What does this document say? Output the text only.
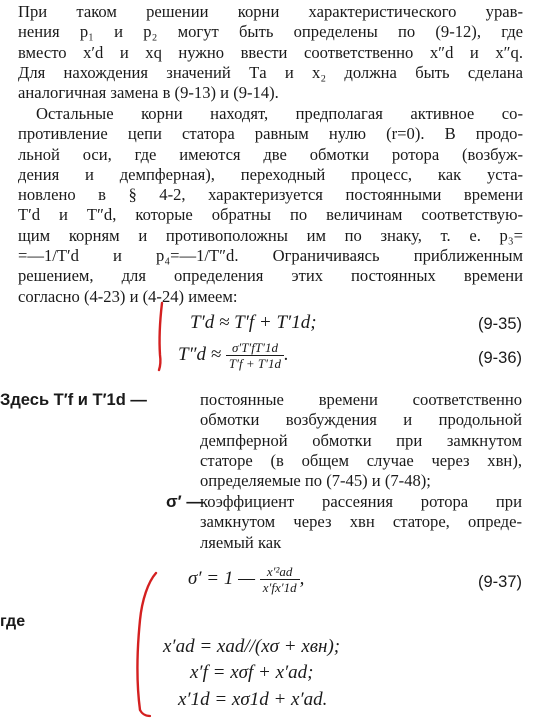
При таком решении корни характеристического урав-
нения p₁ и p₂ могут быть определены по (9-12), где
вместо x′d и xq нужно ввести соответственно x″d и x″q.
Для нахождения значений Tа и x₂ должна быть сделана
аналогичная замена в (9-13) и (9-14).
Остальные корни находят, предполагая активное со-
противление цепи статора равным нулю (r=0). В продо-
льной оси, где имеются две обмотки ротора (возбуж-
дения и демпферная), переходный процесс, как уста-
новлено в § 4-2, характеризуется постоянными времени
T′d и T″d, которые обратны по величинам соответствую-
щим корням и противоположны им по знаку, т. е. p₃=
=—1/T′d и p₄=—1/T″d. Ограничиваясь приближенным
решением, для определения этих постоянных времени
согласно (4-23) и (4-24) имеем:
T′d ≈ T′f + T′1d;	(9-35)
$T''d \approx \frac{\sigma'T'fT'1d}{T'f + T'1d}$ .	(9-36)
Здесь T′f и T′1d —	постоянные времени соответственно
обмотки возбуждения и продольной
демпферной обмотки при замкнутом
статоре (в общем случае через xвн),
определяемые по (7-45) и (7-48);
σ′ —
коэффициент рассеяния ротора при
замкнутом через xвн статоре, опреде-
ляемый как
σ′ = 1 — $\frac{\text{x′²ad}}{x'fx'1d}$ ,	(9-37)
где
x′ad = xad//(xσ + xвн);
x′f = xσf + x′ad;
x′1d = xσ1d + x′ad.
